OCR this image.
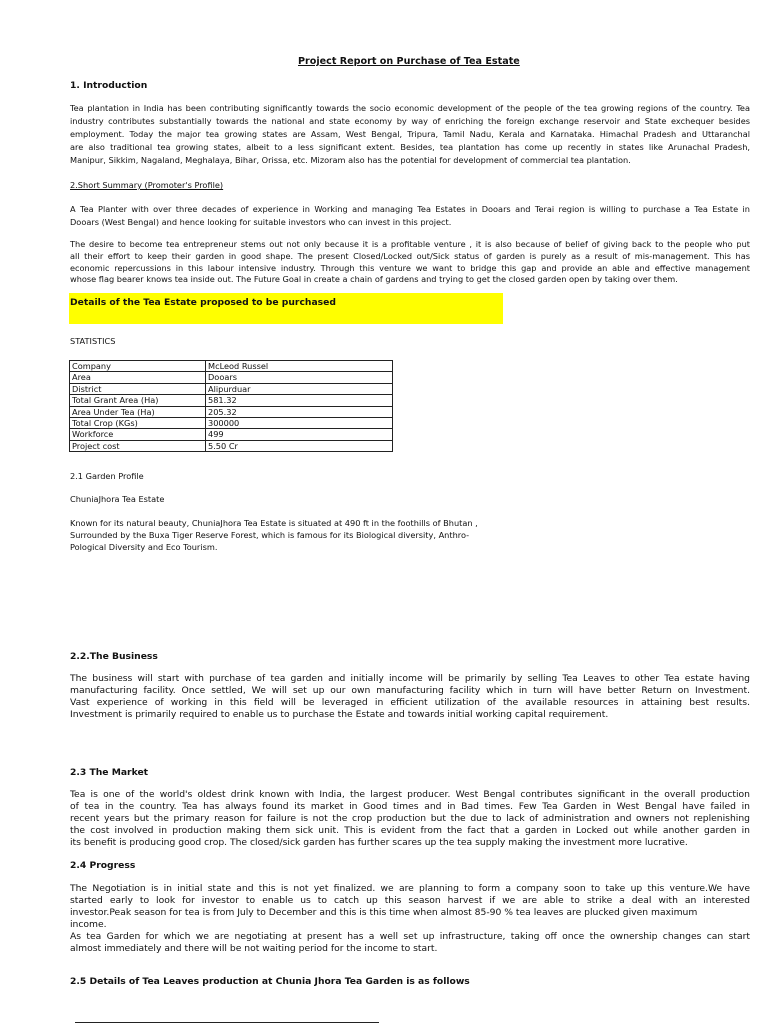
Project Report on Purchase of Tea Estate
1. Introduction
Tea plantation in India has been contributing significantly towards the socio economic development of the people of the tea growing regions of the country. Tea
industry contributes substantially towards the national and state economy by way of enriching the foreign exchange reservoir and State exchequer besides
employment. Today the major tea growing states are Assam, West Bengal, Tripura, Tamil Nadu, Kerala and Karnataka. Himachal Pradesh and Uttaranchal
are also traditional tea growing states, albeit to a less significant extent. Besides, tea plantation has come up recently in states like Arunachal Pradesh,
Manipur, Sikkim, Nagaland, Meghalaya, Bihar, Orissa, etc. Mizoram also has the potential for development of commercial tea plantation.
2.Short Summary (Promoter's Profile)
A Tea Planter with over three decades of experience in Working and managing Tea Estates in Dooars and Terai region is willing to purchase a Tea Estate in
Dooars (West Bengal) and hence looking for suitable investors who can invest in this project.
The desire to become tea entrepreneur stems out not only because it is a profitable venture , it is also because of belief of giving back to the people who put
all their effort to keep their garden in good shape. The present Closed/Locked out/Sick status of garden is purely as a result of mis-management. This has
economic repercussions in this labour intensive industry. Through this venture we want to bridge this gap and provide an able and effective management
whose flag bearer knows tea inside out. The Future Goal in create a chain of gardens and trying to get the closed garden open by taking over them.
Details of the Tea Estate proposed to be purchased
STATISTICS
Company	McLeod Russel
Area	Dooars
District	Alipurduar
Total Grant Area (Ha)	581.32
Area Under Tea (Ha)	205.32
Total Crop (KGs)	300000
Workforce	499
Project cost	5.50 Cr
2.1 Garden Profile
ChuniaJhora Tea Estate
Known for its natural beauty, ChuniaJhora Tea Estate is situated at 490 ft in the foothills of Bhutan ,
Surrounded by the Buxa Tiger Reserve Forest, which is famous for its Biological diversity, Anthro-
Pological Diversity and Eco Tourism.
2.2.The Business
The business will start with purchase of tea garden and initially income will be primarily by selling Tea Leaves to other Tea estate having
manufacturing facility. Once settled, We will set up our own manufacturing facility which in turn will have better Return on Investment.
Vast experience of working in this field will be leveraged in efficient utilization of the available resources in attaining best results.
Investment is primarily required to enable us to purchase the Estate and towards initial working capital requirement.
2.3 The Market
Tea is one of the world's oldest drink known with India, the largest producer. West Bengal contributes significant in the overall production
of tea in the country. Tea has always found its market in Good times and in Bad times. Few Tea Garden in West Bengal have failed in
recent years but the primary reason for failure is not the crop production but the due to lack of administration and owners not replenishing
the cost involved in production making them sick unit. This is evident from the fact that a garden in Locked out while another garden in
its benefit is producing good crop. The closed/sick garden has further scares up the tea supply making the investment more lucrative.
2.4 Progress
The Negotiation is in initial state and this is not yet finalized. we are planning to form a company soon to take up this venture.We have
started early to look for investor to enable us to catch up this season harvest if we are able to strike a deal with an interested
investor.Peak season for tea is from July to December and this is this time when almost 85-90 % tea leaves are plucked given maximum
income.
As tea Garden for which we are negotiating at present has a well set up infrastructure, taking off once the ownership changes can start
almost immediately and there will be not waiting period for the income to start.
2.5 Details of Tea Leaves production at Chunia Jhora Tea Garden is as follows
